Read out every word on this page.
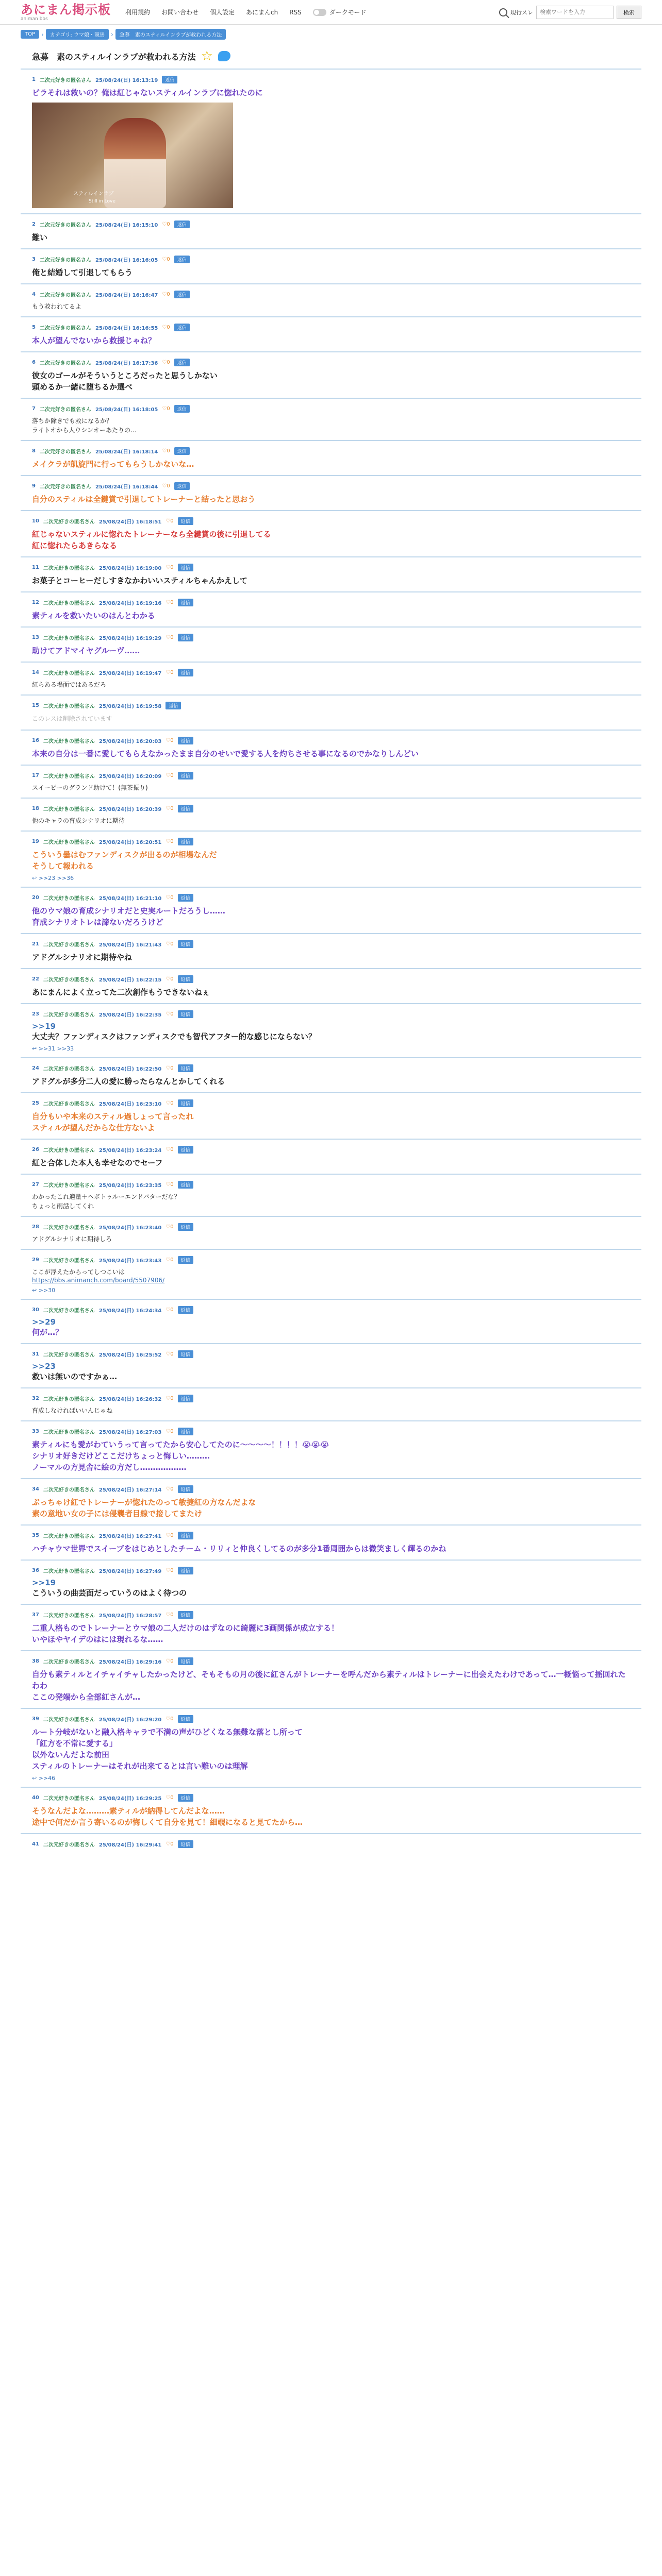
あにまん掲示板
animan bbs
利用規約 お問い合わせ 個人設定 あにまんch RSS	ダークモード	現行スレ
検索ワードを入力	検索
TOP	›	カテゴリ: ウマ娘・競馬	›	急募　素のスティルインラブが救われる方法
急募　素のスティルインラブが救われる方法 ☆
1 二次元好きの匿名さん 25/08/24(日) 16:13:19	返信
ビラそれは救いの？俺は紅じゃないスティルインラブに惚れたのに
スティルインラブ
Still in Love
2 二次元好きの匿名さん 25/08/24(日) 16:15:10 ♡0	返信
難い
3 二次元好きの匿名さん 25/08/24(日) 16:16:05 ♡0	返信
俺と結婚して引退してもらう
4 二次元好きの匿名さん 25/08/24(日) 16:16:47 ♡0	返信
もう救われてるよ
5 二次元好きの匿名さん 25/08/24(日) 16:16:55 ♡0	返信
本人が望んでないから救援じゃね？
6 二次元好きの匿名さん 25/08/24(日) 16:17:36 ♡0	返信
彼女のゴールがそういうところだったと思うしかない
頭めるか一緒に堕ちるか選べ
7 二次元好きの匿名さん 25/08/24(日) 16:18:05 ♡0	返信
落ちか除きでも救になるか？
ライトオから人ウシンオーあたりの…
8 二次元好きの匿名さん 25/08/24(日) 16:18:14 ♡0	返信
メイクラが凱旋門に行ってもらうしかないな…
9 二次元好きの匿名さん 25/08/24(日) 16:18:44 ♡0	返信
自分のスティルは全鍵賞で引退してトレーナーと結ったと思おう
10 二次元好きの匿名さん 25/08/24(日) 16:18:51 ♡0	返信
紅じゃないスティルに惚れたトレーナーなら全鍵賞の後に引退してる
紅に惚れたらあきらなる
11 二次元好きの匿名さん 25/08/24(日) 16:19:00 ♡0	返信
お菓子とコーヒーだしすきなかわいいスティルちゃんかえして
12 二次元好きの匿名さん 25/08/24(日) 16:19:16 ♡0	返信
素ティルを救いたいのはんとわかる
13 二次元好きの匿名さん 25/08/24(日) 16:19:29 ♡0	返信
助けてアドマイヤグルーヴ……
14 二次元好きの匿名さん 25/08/24(日) 16:19:47 ♡0	返信
紅らある場面ではあるだろ
15 二次元好きの匿名さん 25/08/24(日) 16:19:58	返信
このレスは削除されています
16 二次元好きの匿名さん 25/08/24(日) 16:20:03 ♡0	返信
本来の自分は一番に愛してもらえなかったまま自分のせいで愛する人を灼ちさせる事になるのでかなりしんどい
17 二次元好きの匿名さん 25/08/24(日) 16:20:09 ♡0	返信
スイーピーのグランド助けて！(無茶振り)
18 二次元好きの匿名さん 25/08/24(日) 16:20:39 ♡0	返信
他のキャラの育成シナリオに期待
19 二次元好きの匿名さん 25/08/24(日) 16:20:51 ♡0	返信
こういう曇はむファンディスクが出るのが相場なんだ
そうして報われる
↩ >>23 >>36
20 二次元好きの匿名さん 25/08/24(日) 16:21:10 ♡0	返信
他のウマ娘の育成シナリオだと史実ルートだろうし……
育成シナリオトレは諦ないだろうけど
21 二次元好きの匿名さん 25/08/24(日) 16:21:43 ♡0	返信
アドグルシナリオに期待やね
22 二次元好きの匿名さん 25/08/24(日) 16:22:15 ♡0	返信
あにまんによく立ってた二次創作もうできないねぇ
23 二次元好きの匿名さん 25/08/24(日) 16:22:35 ♡0	返信
>>19
大丈夫？ファンディスクはファンディスクでも智代アフター的な感じにならない？
↩ >>31 >>33
24 二次元好きの匿名さん 25/08/24(日) 16:22:50 ♡0	返信
アドグルが多分二人の愛に勝ったらなんとかしてくれる
25 二次元好きの匿名さん 25/08/24(日) 16:23:10 ♡0	返信
自分もいや本来のスティル過しょって言ったれ
スティルが望んだからな仕方ないよ
26 二次元好きの匿名さん 25/08/24(日) 16:23:24 ♡0	返信
紅と合体した本人も幸せなのでセーフ
27 二次元好きの匿名さん 25/08/24(日) 16:23:35 ♡0	返信
わかったこれ適量＋ヘボトゥルーエンドバターだな？
ちょっと雨話してくれ
28 二次元好きの匿名さん 25/08/24(日) 16:23:40 ♡0	返信
アドグルシナリオに期待しろ
29 二次元好きの匿名さん 25/08/24(日) 16:23:43 ♡0	返信
ここが浮えたからってしつこいは
https://bbs.animanch.com/board/5507906/
↩ >>30
30 二次元好きの匿名さん 25/08/24(日) 16:24:34 ♡0	返信
>>29
何が…？
31 二次元好きの匿名さん 25/08/24(日) 16:25:52 ♡0	返信
>>23
救いは無いのですかぁ…
32 二次元好きの匿名さん 25/08/24(日) 16:26:32 ♡0	返信
育成しなければいいんじゃね
33 二次元好きの匿名さん 25/08/24(日) 16:27:03 ♡0	返信
素ティルにも愛がわていうって言ってたから安心してたのに〜〜〜〜！！！！😭😭😭
シナリオ好きだけどここだけちょっと悔しい………
ノーマルの方見舎に絵の方だし………………
34 二次元好きの匿名さん 25/08/24(日) 16:27:14 ♡0	返信
ぶっちゃけ紅でトレーナーが惚れたのって敏捷紅の方なんだよな
素の意地い女の子には侵襲者目線で接してまたけ
35 二次元好きの匿名さん 25/08/24(日) 16:27:41 ♡0	返信
ハチャウマ世界でスイーブをはじめとしたチーム・リリィと仲良くしてるのが多分1番周囲からは微笑ましく輝るのかね
36 二次元好きの匿名さん 25/08/24(日) 16:27:49 ♡0	返信
>>19
こういうの曲芸面だっていうのはよく待つの
37 二次元好きの匿名さん 25/08/24(日) 16:28:57 ♡0	返信
二重人格ものでトレーナーとウマ娘の二人だけのはずなのに綺麗に3画関係が成立する！
いやほやヤイデのはには現れるな……
38 二次元好きの匿名さん 25/08/24(日) 16:29:16 ♡0	返信
自分も素ティルとイチャイチャしたかったけど、そもそもの月の後に紅さんがトレーナーを呼んだから素ティルはトレーナーに出会えたわけであって…一概悩って揺回れたわわ
ここの発端から全部紅さんが…
39 二次元好きの匿名さん 25/08/24(日) 16:29:20 ♡0	返信
ルート分岐がないと融入格キャラで不満の声がひどくなる無難な落とし所って
「紅方を不常に愛する」
以外ないんだよな前田
スティルのトレーナーはそれが出来てるとは言い難いのは理解
↩ >>46
40 二次元好きの匿名さん 25/08/24(日) 16:29:25 ♡0	返信
そうなんだよな………素ティルが納得してんだよな……
途中で何だか言う寄いるのが悔しくて自分を見て！細覗になると見てたから…
41 二次元好きの匿名さん 25/08/24(日) 16:29:41 ♡0	返信
